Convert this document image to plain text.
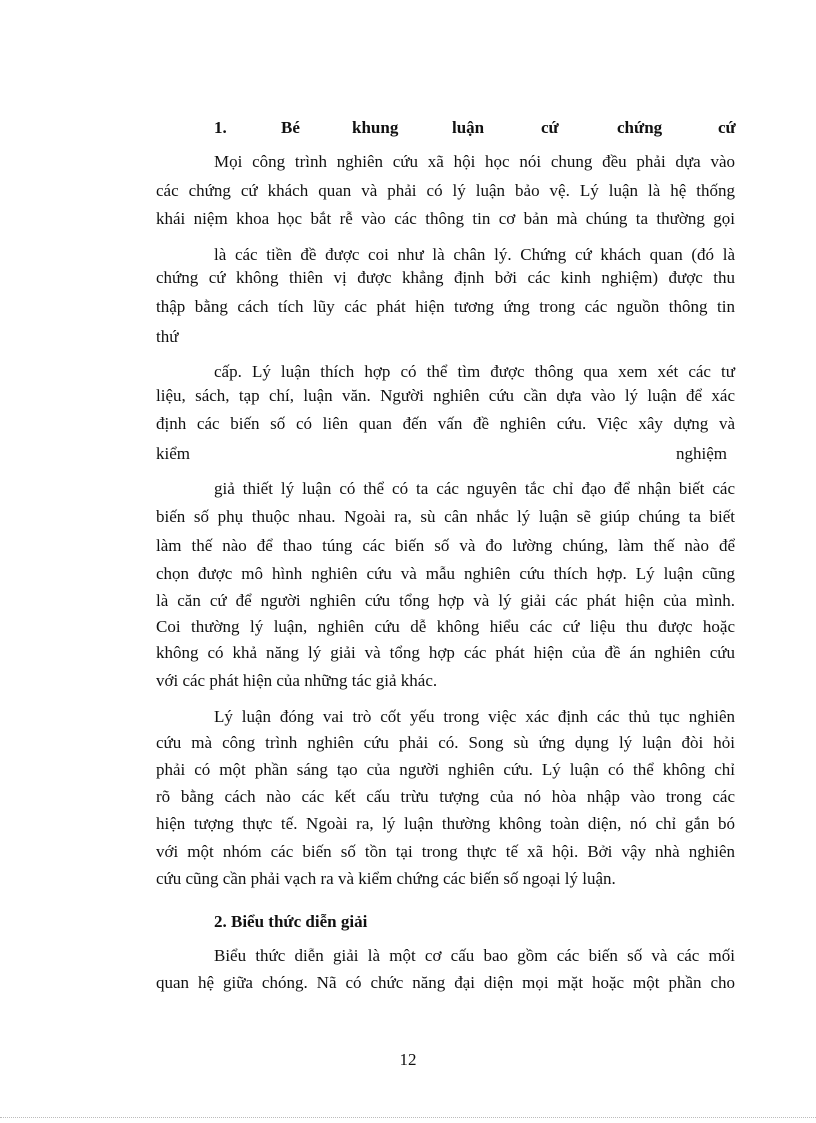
1.	Bé	khung	luận	cứ	chứng	cứ

Mọi công trình nghiên cứu xã hội học nói chung đều phải dựa vào

các chứng cứ khách quan và phải có lý luận bảo vệ. Lý luận là hệ thống

khái niệm khoa học bắt rễ vào các thông tin cơ bản mà chúng ta thường gọi

là các tiền đề được coi như là chân lý. Chứng cứ khách quan (đó là

chứng cứ không thiên vị được khẳng định bởi các kinh nghiệm) được thu

thập bằng cách tích lũy các phát hiện tương ứng trong các nguồn thông tin

thứ

cấp. Lý luận thích hợp có thể tìm được thông qua xem xét các tư

liệu, sách, tạp chí, luận văn. Người nghiên cứu cần dựa vào lý luận để xác

định các biến số có liên quan đến vấn đề nghiên cứu. Việc xây dựng và

kiểm	nghiệm

giả thiết lý luận có thể có ta các nguyên tắc chỉ đạo để nhận biết các

biến số phụ thuộc nhau. Ngoài ra, sù cân nhắc lý luận sẽ giúp chúng ta biết

làm thế nào để thao túng các biến số và đo lường chúng, làm thế nào để

chọn được mô hình nghiên cứu và mẫu nghiên cứu thích hợp. Lý luận cũng

là căn cứ để người nghiên cứu tổng hợp và lý giải các phát hiện của mình.

Coi thường lý luận, nghiên cứu dễ không hiểu các cứ liệu thu được hoặc

không có khả năng lý giải và tổng hợp các phát hiện của đề án nghiên cứu

với các phát hiện của những tác giả khác.

Lý luận đóng vai trò cốt yếu trong việc xác định các thủ tục nghiên

cứu mà công trình nghiên cứu phải có. Song sù ứng dụng lý luận đòi hỏi

phải có một phần sáng tạo của người nghiên cứu. Lý luận có thể không chỉ

rõ bằng cách nào các kết cấu trừu tượng của nó hòa nhập vào trong các

hiện tượng thực tế. Ngoài ra, lý luận thường không toàn diện, nó chỉ gắn bó

với một nhóm các biến số tồn tại trong thực tế xã hội. Bởi vậy nhà nghiên

cứu cũng cần phải vạch ra và kiểm chứng các biến số ngoại lý luận.

2. Biểu thức diễn giải

Biểu thức diễn giải là một cơ cấu bao gồm các biến số và các mối

quan hệ giữa chóng. Nã có chức năng đại diện mọi mặt hoặc một phần cho

12
